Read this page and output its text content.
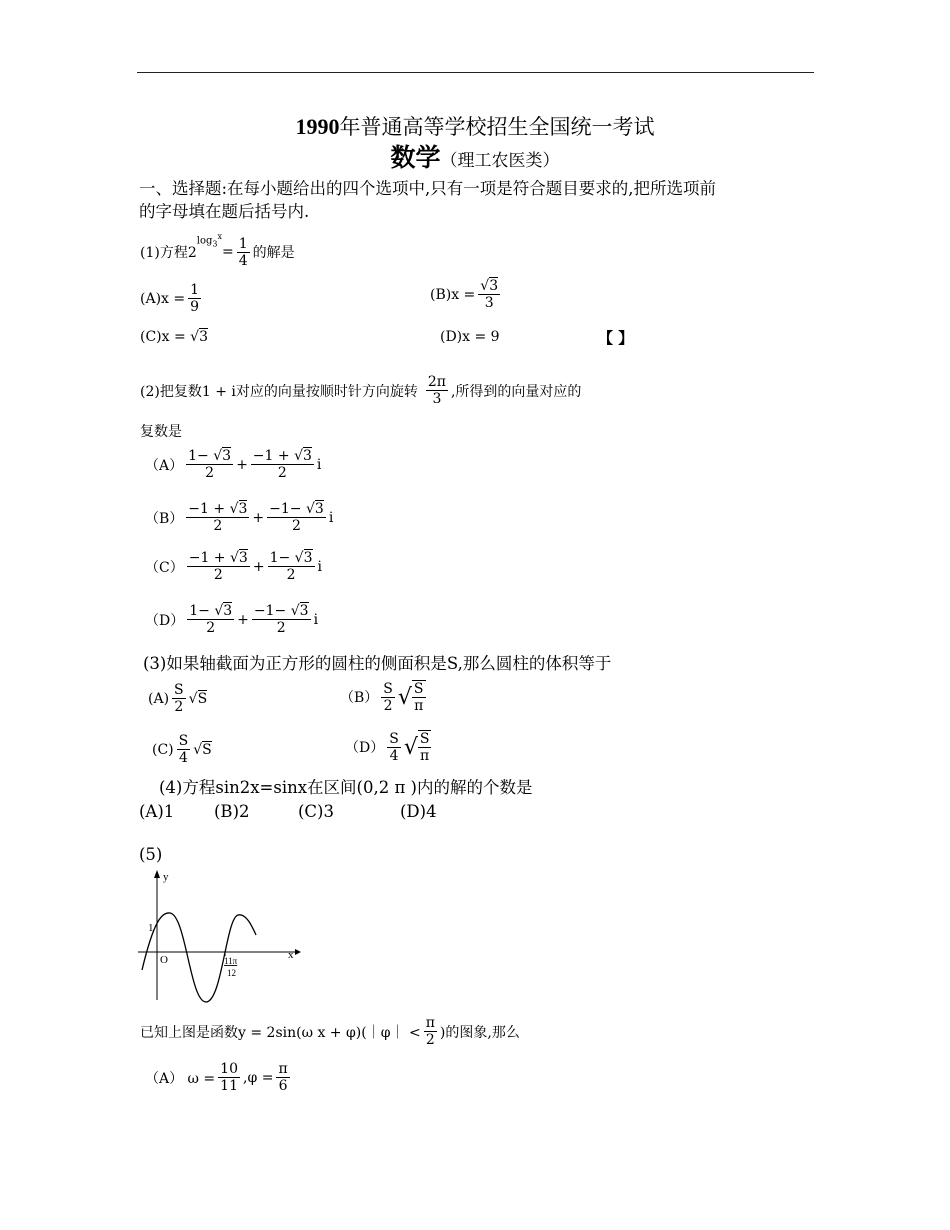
1990年普通高等学校招生全国统一考试
数学（理工农医类）
一、选择题:在每小题给出的四个选项中,只有一项是符合题目要求的,把所选项前
的字母填在题后括号内.
(1)方程2
$\log_3^x$
= $\frac{1}{4}$ 的解是
$(A)x = \frac{1}{9}$	$(B)x = \frac{√3}{3}$
(C)x = √3	(D)x = 9	【 】
(2)把复数1 + i对应的向量按顺时针方向旋转 $\frac{2\pi}{3}$ ,所得到的向量对应的
复数是
$(A) \frac{1- √3}{2} + \frac{-1 + √3}{2}$ i
$(B) \frac{-1 + √3}{2} + \frac{-1- √3}{2}$ i
$(C) \frac{-1 + √3}{2} + \frac{1- √3}{2}$ i
$(D) \frac{1- √3}{2} + \frac{-1- √3}{2}$ i
(3)如果轴截面为正方形的圆柱的侧面积是S,那么圆柱的体积等于
$(A) \frac{S}{2}$ √ S	$(B) \frac{S}{2}$ √ $\frac{S}{\pi}$
$(C) \frac{S}{4}$ √ S	$(D) \frac{S}{4}$ √ $\frac{S}{\pi}$
(4)方程sin2x=sinx在区间(0,2 π )内的解的个数是
(A)1 (B)2	(C)3	(D)4
(5)
y
x
1
O	11π
12
已知上图是函数y = 2sin(ω x + φ)(｜φ｜ < $\frac{\pi}{2}$ )的图象,那么
（A） $\omega = \frac{10}{11} ,\varphi = \frac{\pi}{6}$
